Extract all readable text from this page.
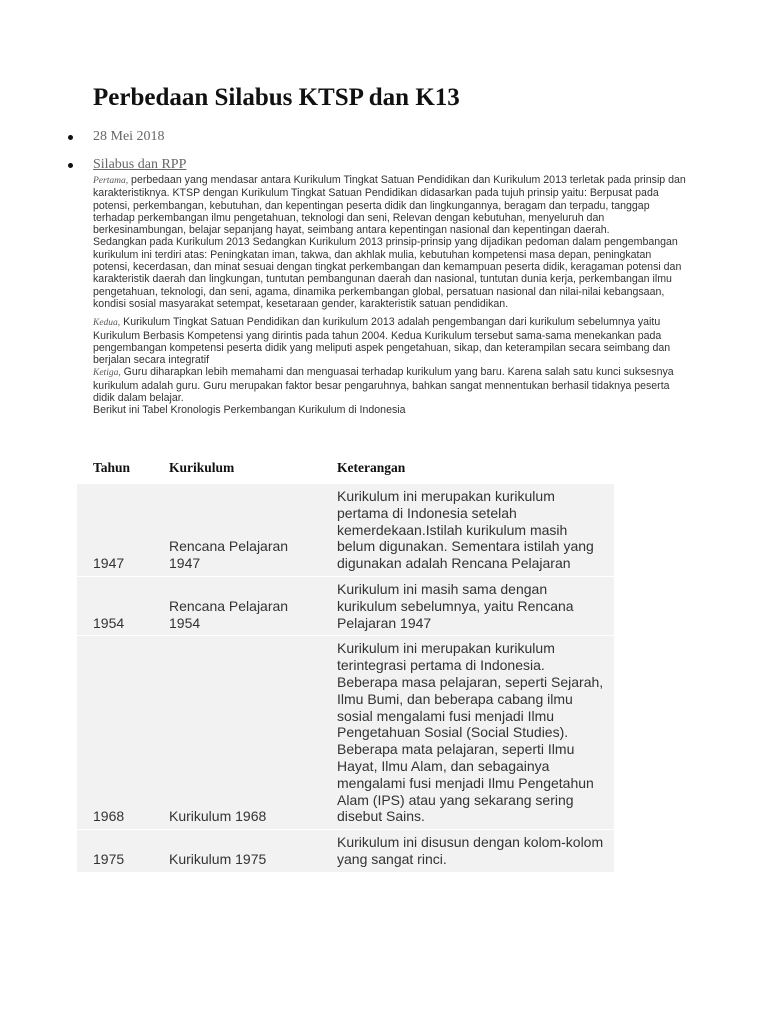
Perbedaan Silabus KTSP dan K13
28 Mei 2018
Silabus dan RPP

Pertama, perbedaan yang mendasar antara Kurikulum Tingkat Satuan Pendidikan dan Kurikulum 2013 terletak pada prinsip dan karakteristiknya. KTSP dengan Kurikulum Tingkat Satuan Pendidikan didasarkan pada tujuh prinsip yaitu: Berpusat pada potensi, perkembangan, kebutuhan, dan kepentingan peserta didik dan lingkungannya, beragam dan terpadu, tanggap terhadap perkembangan ilmu pengetahuan, teknologi dan seni, Relevan dengan kebutuhan, menyeluruh dan berkesinambungan, belajar sepanjang hayat, seimbang antara kepentingan nasional dan kepentingan daerah.

Sedangkan pada Kurikulum 2013 Sedangkan Kurikulum 2013 prinsip-prinsip yang dijadikan pedoman dalam pengembangan kurikulum ini terdiri atas: Peningkatan iman, takwa, dan akhlak mulia, kebutuhan kompetensi masa depan, peningkatan potensi, kecerdasan, dan minat sesuai dengan tingkat perkembangan dan kemampuan peserta didik, keragaman potensi dan karakteristik daerah dan lingkungan, tuntutan pembangunan daerah dan nasional, tuntutan dunia kerja, perkembangan ilmu pengetahuan, teknologi, dan seni, agama, dinamika perkembangan global, persatuan nasional dan nilai-nilai kebangsaan, kondisi sosial masyarakat setempat, kesetaraan gender, karakteristik satuan pendidikan.

Kedua, Kurikulum Tingkat Satuan Pendidikan dan kurikulum 2013 adalah pengembangan dari kurikulum sebelumnya yaitu Kurikulum Berbasis Kompetensi yang dirintis pada tahun 2004. Kedua Kurikulum tersebut sama-sama menekankan pada pengembangan kompetensi peserta didik yang meliputi aspek pengetahuan, sikap, dan keterampilan secara seimbang dan berjalan secara integratif

Ketiga, Guru diharapkan lebih memahami dan menguasai terhadap kurikulum yang baru. Karena salah satu kunci suksesnya kurikulum adalah guru. Guru merupakan faktor besar pengaruhnya, bahkan sangat mennentukan berhasil tidaknya peserta didik dalam belajar.

Berikut ini Tabel Kronologis Perkembangan Kurikulum di Indonesia

Tahun	Kurikulum	Keterangan
1947	Rencana Pelajaran 1947	Kurikulum ini merupakan kurikulum pertama di Indonesia setelah kemerdekaan.Istilah kurikulum masih belum digunakan. Sementara istilah yang digunakan adalah Rencana Pelajaran

1954	Rencana Pelajaran 1954	Kurikulum ini masih sama dengan kurikulum sebelumnya, yaitu Rencana Pelajaran 1947

1968	Kurikulum 1968	Kurikulum ini merupakan kurikulum terintegrasi pertama di Indonesia. Beberapa masa pelajaran, seperti Sejarah, Ilmu Bumi, dan beberapa cabang ilmu sosial mengalami fusi menjadi Ilmu Pengetahuan Sosial (Social Studies). Beberapa mata pelajaran, seperti Ilmu Hayat, Ilmu Alam, dan sebagainya mengalami fusi menjadi Ilmu Pengetahun Alam (IPS) atau yang sekarang sering disebut Sains.

1975	Kurikulum 1975	Kurikulum ini disusun dengan kolom-kolom yang sangat rinci.
